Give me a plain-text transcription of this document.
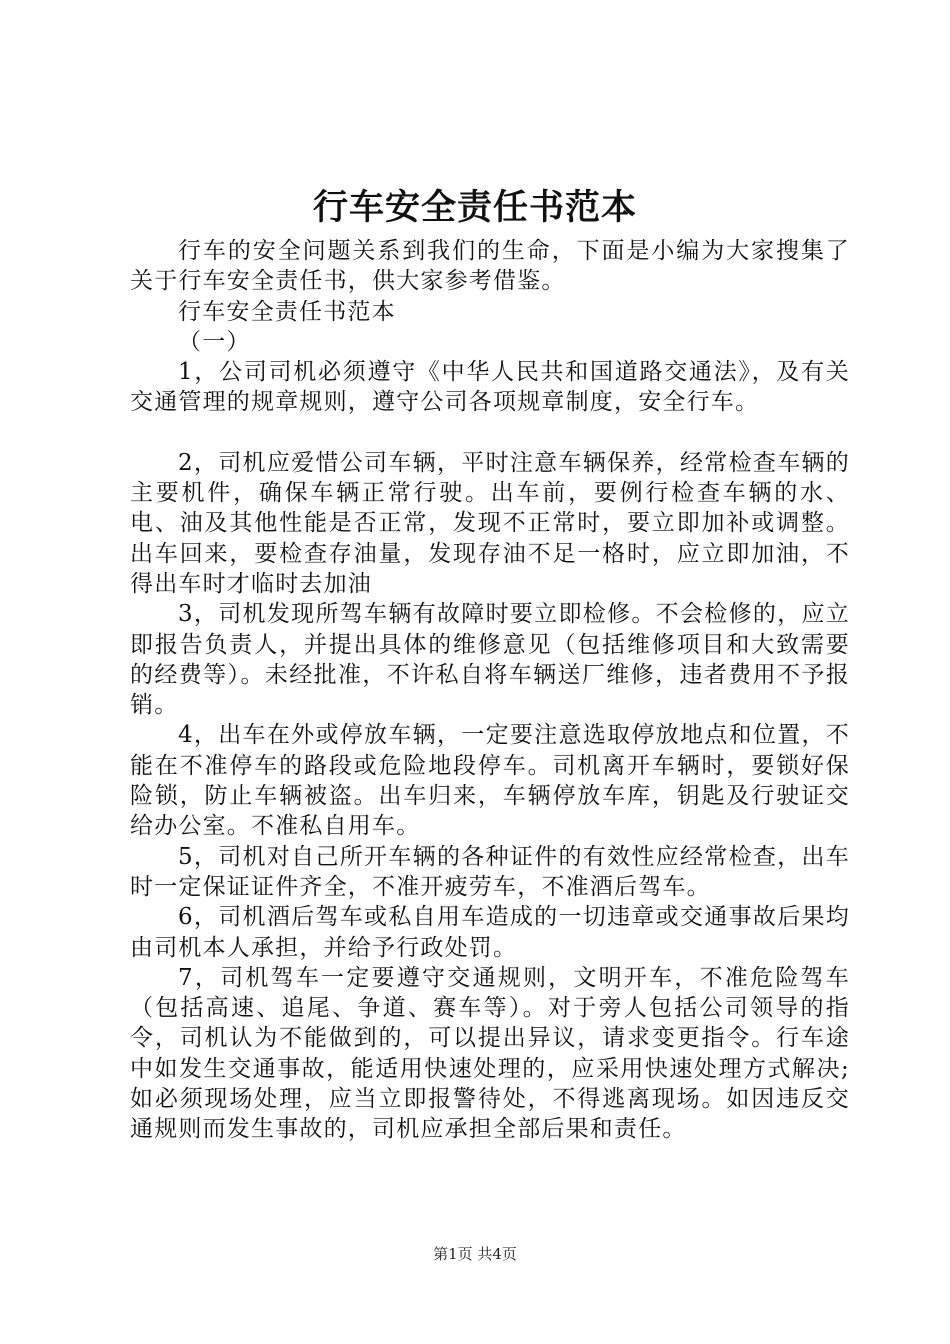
行车安全责任书范本

行车的安全问题关系到我们的生命，下面是小编为大家搜集了关于行车安全责任书，供大家参考借鉴。

行车安全责任书范本

（一）

1，公司司机必须遵守《中华人民共和国道路交通法》，及有关交通管理的规章规则，遵守公司各项规章制度，安全行车。

2，司机应爱惜公司车辆，平时注意车辆保养，经常检查车辆的主要机件，确保车辆正常行驶。出车前，要例行检查车辆的水、电、油及其他性能是否正常，发现不正常时，要立即加补或调整。出车回来，要检查存油量，发现存油不足一格时，应立即加油，不得出车时才临时去加油

3，司机发现所驾车辆有故障时要立即检修。不会检修的，应立即报告负责人，并提出具体的维修意见（包括维修项目和大致需要的经费等）。未经批准，不许私自将车辆送厂维修，违者费用不予报销。

4，出车在外或停放车辆，一定要注意选取停放地点和位置，不能在不准停车的路段或危险地段停车。司机离开车辆时，要锁好保险锁，防止车辆被盗。出车归来，车辆停放车库，钥匙及行驶证交给办公室。不准私自用车。

5，司机对自己所开车辆的各种证件的有效性应经常检查，出车时一定保证证件齐全，不准开疲劳车，不准酒后驾车。

6，司机酒后驾车或私自用车造成的一切违章或交通事故后果均由司机本人承担，并给予行政处罚。

7，司机驾车一定要遵守交通规则，文明开车，不准危险驾车（包括高速、追尾、争道、赛车等）。对于旁人包括公司领导的指令，司机认为不能做到的，可以提出异议，请求变更指令。行车途中如发生交通事故，能适用快速处理的，应采用快速处理方式解决;如必须现场处理，应当立即报警待处，不得逃离现场。如因违反交通规则而发生事故的，司机应承担全部后果和责任。

第1页 共4页
